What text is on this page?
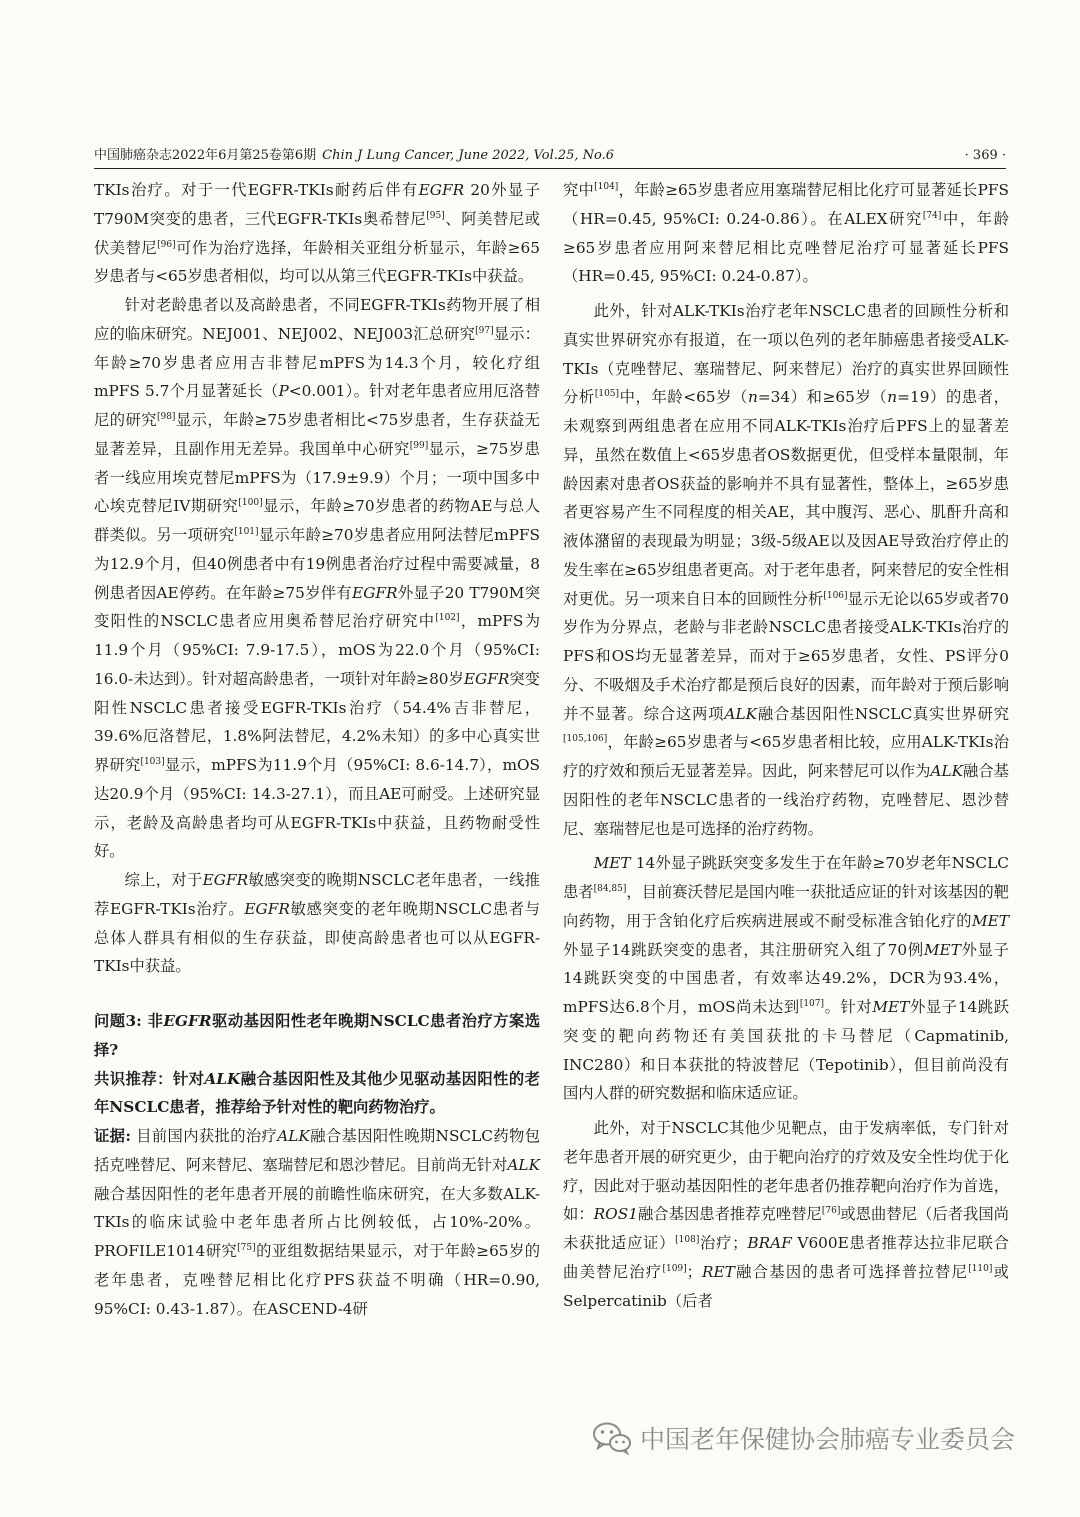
中国肺癌杂志2022年6月第25卷第6期 Chin J Lung Cancer, June 2022, Vol.25, No.6	· 369 ·

TKIs治疗。对于一代EGFR-TKIs耐药后伴有EGFR 20外显子T790M突变的患者，三代EGFR-TKIs奥希替尼[95]、阿美替尼或伏美替尼[96]可作为治疗选择，年龄相关亚组分析显示，年龄≥65岁患者与<65岁患者相似，均可以从第三代EGFR-TKIs中获益。

针对老龄患者以及高龄患者，不同EGFR-TKIs药物开展了相应的临床研究。NEJ001、NEJ002、NEJ003汇总研究[97]显示：年龄≥70岁患者应用吉非替尼mPFS为14.3个月，较化疗组mPFS 5.7个月显著延长（P<0.001）。针对老年患者应用厄洛替尼的研究[98]显示，年龄≥75岁患者相比<75岁患者，生存获益无显著差异，且副作用无差异。我国单中心研究[99]显示，≥75岁患者一线应用埃克替尼mPFS为（17.9±9.9）个月；一项中国多中心埃克替尼IV期研究[100]显示，年龄≥70岁患者的药物AE与总人群类似。另一项研究[101]显示年龄≥70岁患者应用阿法替尼mPFS为12.9个月，但40例患者中有19例患者治疗过程中需要减量，8例患者因AE停药。在年龄≥75岁伴有EGFR外显子20 T790M突变阳性的NSCLC患者应用奥希替尼治疗研究中[102]，mPFS为11.9个月（95%CI: 7.9-17.5），mOS为22.0个月（95%CI: 16.0-未达到）。针对超高龄患者，一项针对年龄≥80岁EGFR突变阳性NSCLC患者接受EGFR-TKIs治疗（54.4%吉非替尼，39.6%厄洛替尼，1.8%阿法替尼，4.2%未知）的多中心真实世界研究[103]显示，mPFS为11.9个月（95%CI: 8.6-14.7），mOS达20.9个月（95%CI: 14.3-27.1），而且AE可耐受。上述研究显示，老龄及高龄患者均可从EGFR-TKIs中获益，且药物耐受性好。

综上，对于EGFR敏感突变的晚期NSCLC老年患者，一线推荐EGFR-TKIs治疗。EGFR敏感突变的老年晚期NSCLC患者与总体人群具有相似的生存获益，即使高龄患者也可以从EGFR-TKIs中获益。

问题3: 非EGFR驱动基因阳性老年晚期NSCLC患者治疗方案选择?

共识推荐：针对ALK融合基因阳性及其他少见驱动基因阳性的老年NSCLC患者，推荐给予针对性的靶向药物治疗。

证据: 目前国内获批的治疗ALK融合基因阳性晚期NSCLC药物包括克唑替尼、阿来替尼、塞瑞替尼和恩沙替尼。目前尚无针对ALK融合基因阳性的老年患者开展的前瞻性临床研究，在大多数ALK-TKIs的临床试验中老年患者所占比例较低，占10%-20%。PROFILE1014研究[75]的亚组数据结果显示，对于年龄≥65岁的老年患者，克唑替尼相比化疗PFS获益不明确（HR=0.90, 95%CI: 0.43-1.87）。在ASCEND-4研

究中[104]，年龄≥65岁患者应用塞瑞替尼相比化疗可显著延长PFS（HR=0.45, 95%CI: 0.24-0.86）。在ALEX研究[74]中，年龄≥65岁患者应用阿来替尼相比克唑替尼治疗可显著延长PFS（HR=0.45, 95%CI: 0.24-0.87）。

此外，针对ALK-TKIs治疗老年NSCLC患者的回顾性分析和真实世界研究亦有报道，在一项以色列的老年肺癌患者接受ALK-TKIs（克唑替尼、塞瑞替尼、阿来替尼）治疗的真实世界回顾性分析[105]中，年龄<65岁（n=34）和≥65岁（n=19）的患者，未观察到两组患者在应用不同ALK-TKIs治疗后PFS上的显著差异，虽然在数值上<65岁患者OS数据更优，但受样本量限制，年龄因素对患者OS获益的影响并不具有显著性，整体上，≥65岁患者更容易产生不同程度的相关AE，其中腹泻、恶心、肌酐升高和液体潴留的表现最为明显；3级-5级AE以及因AE导致治疗停止的发生率在≥65岁组患者更高。对于老年患者，阿来替尼的安全性相对更优。另一项来自日本的回顾性分析[106]显示无论以65岁或者70岁作为分界点，老龄与非老龄NSCLC患者接受ALK-TKIs治疗的PFS和OS均无显著差异，而对于≥65岁患者，女性、PS评分0分、不吸烟及手术治疗都是预后良好的因素，而年龄对于预后影响并不显著。综合这两项ALK融合基因阳性NSCLC真实世界研究[105,106]，年龄≥65岁患者与<65岁患者相比较，应用ALK-TKIs治疗的疗效和预后无显著差异。因此，阿来替尼可以作为ALK融合基因阳性的老年NSCLC患者的一线治疗药物，克唑替尼、恩沙替尼、塞瑞替尼也是可选择的治疗药物。

MET 14外显子跳跃突变多发生于在年龄≥70岁老年NSCLC患者[84,85]，目前赛沃替尼是国内唯一获批适应证的针对该基因的靶向药物，用于含铂化疗后疾病进展或不耐受标准含铂化疗的MET外显子14跳跃突变的患者，其注册研究入组了70例MET外显子14跳跃突变的中国患者，有效率达49.2%，DCR为93.4%，mPFS达6.8个月，mOS尚未达到[107]。针对MET外显子14跳跃突变的靶向药物还有美国获批的卡马替尼（Capmatinib, INC280）和日本获批的特波替尼（Tepotinib），但目前尚没有国内人群的研究数据和临床适应证。

此外，对于NSCLC其他少见靶点，由于发病率低，专门针对老年患者开展的研究更少，由于靶向治疗的疗效及安全性均优于化疗，因此对于驱动基因阳性的老年患者仍推荐靶向治疗作为首选，如：ROS1融合基因患者推荐克唑替尼[76]或恩曲替尼（后者我国尚未获批适应证）[108]治疗；BRAF V600E患者推荐达拉非尼联合曲美替尼治疗[109]；RET融合基因的患者可选择普拉替尼[110]或Selpercatinib（后者

中国老年保健协会肺癌专业委员会
